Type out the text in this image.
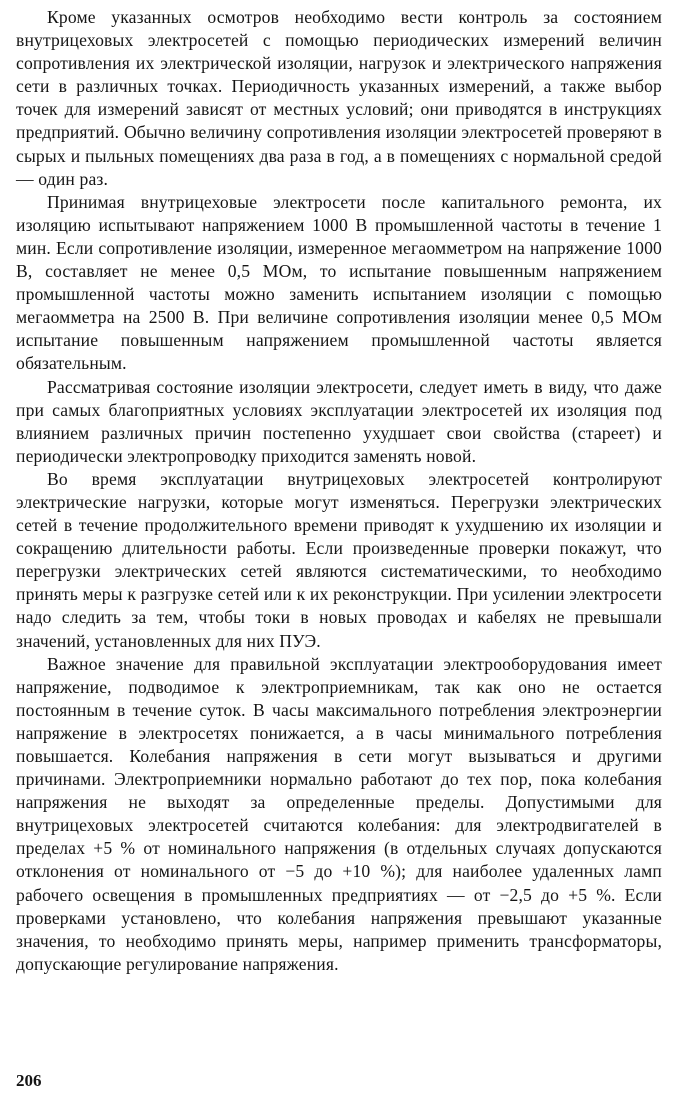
Кроме указанных осмотров необходимо вести контроль за состоянием внутрицеховых электросетей с помощью периодических измерений величин сопротивления их электрической изоляции, нагрузок и электрического напряжения сети в различных точках. Периодичность указанных измерений, а также выбор точек для измерений зависят от местных условий; они приводятся в инструкциях предприятий. Обычно величину сопротивления изоляции электросетей проверяют в сырых и пыльных помещениях два раза в год, а в помещениях с нормальной средой — один раз.

Принимая внутрицеховые электросети после капитального ремонта, их изоляцию испытывают напряжением 1000 В промышленной частоты в течение 1 мин. Если сопротивление изоляции, измеренное мегаомметром на напряжение 1000 В, составляет не менее 0,5 МОм, то испытание повышенным напряжением промышленной частоты можно заменить испытанием изоляции с помощью мегаомметра на 2500 В. При величине сопротивления изоляции менее 0,5 МОм испытание повышенным напряжением промышленной частоты является обязательным.

Рассматривая состояние изоляции электросети, следует иметь в виду, что даже при самых благоприятных условиях эксплуатации электросетей их изоляция под влиянием различных причин постепенно ухудшает свои свойства (стареет) и периодически электропроводку приходится заменять новой.

Во время эксплуатации внутрицеховых электросетей контролируют электрические нагрузки, которые могут изменяться. Перегрузки электрических сетей в течение продолжительного времени приводят к ухудшению их изоляции и сокращению длительности работы. Если произведенные проверки покажут, что перегрузки электрических сетей являются систематическими, то необходимо принять меры к разгрузке сетей или к их реконструкции. При усилении электросети надо следить за тем, чтобы токи в новых проводах и кабелях не превышали значений, установленных для них ПУЭ.

Важное значение для правильной эксплуатации электрооборудования имеет напряжение, подводимое к электроприемникам, так как оно не остается постоянным в течение суток. В часы максимального потребления электроэнергии напряжение в электросетях понижается, а в часы минимального потребления повышается. Колебания напряжения в сети могут вызываться и другими причинами. Электроприемники нормально работают до тех пор, пока колебания напряжения не выходят за определенные пределы. Допустимыми для внутрицеховых электросетей считаются колебания: для электродвигателей в пределах +5 % от номинального напряжения (в отдельных случаях допускаются отклонения от номинального от −5 до +10 %); для наиболее удаленных ламп рабочего освещения в промышленных предприятиях — от −2,5 до +5 %. Если проверками установлено, что колебания напряжения превышают указанные значения, то необходимо принять меры, например применить трансформаторы, допускающие регулирование напряжения.

206
